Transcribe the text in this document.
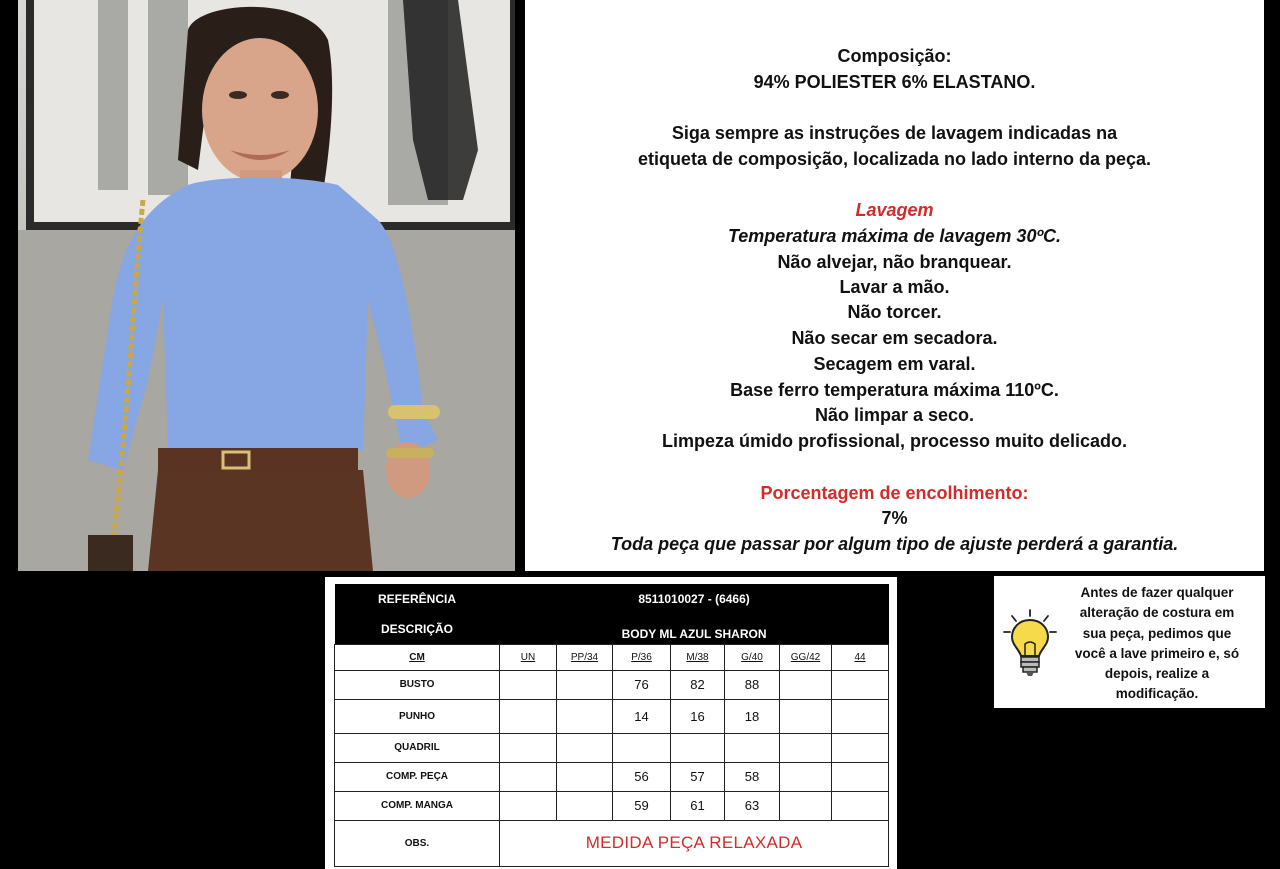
Composição:
94% POLIESTER 6% ELASTANO.
Siga sempre as instruções de lavagem indicadas na
etiqueta de composição, localizada no lado interno da peça.
Lavagem
Temperatura máxima de lavagem 30ºC.
Não alvejar, não branquear.
Lavar a mão.
Não torcer.
Não secar em secadora.
Secagem em varal.
Base ferro temperatura máxima 110ºC.
Não limpar a seco.
Limpeza úmido profissional, processo muito delicado.
Porcentagem de encolhimento:
7%
Toda peça que passar por algum tipo de ajuste perderá a garantia.
REFERÊNCIA	8511010027 - (6466)						
DESCRIÇÃO	BODY ML AZUL SHARON						
CM	UN	PP/34	P/36	M/38	G/40	GG/42	44
BUSTO			76	82	88		
PUNHO			14	16	18		
QUADRIL							
COMP. PEÇA			56	57	58		
COMP. MANGA			59	61	63		
OBS.	MEDIDA PEÇA RELAXADA						
Antes de fazer qualquer
alteração de costura em
sua peça, pedimos que
você a lave primeiro e, só
depois, realize a
modificação.
